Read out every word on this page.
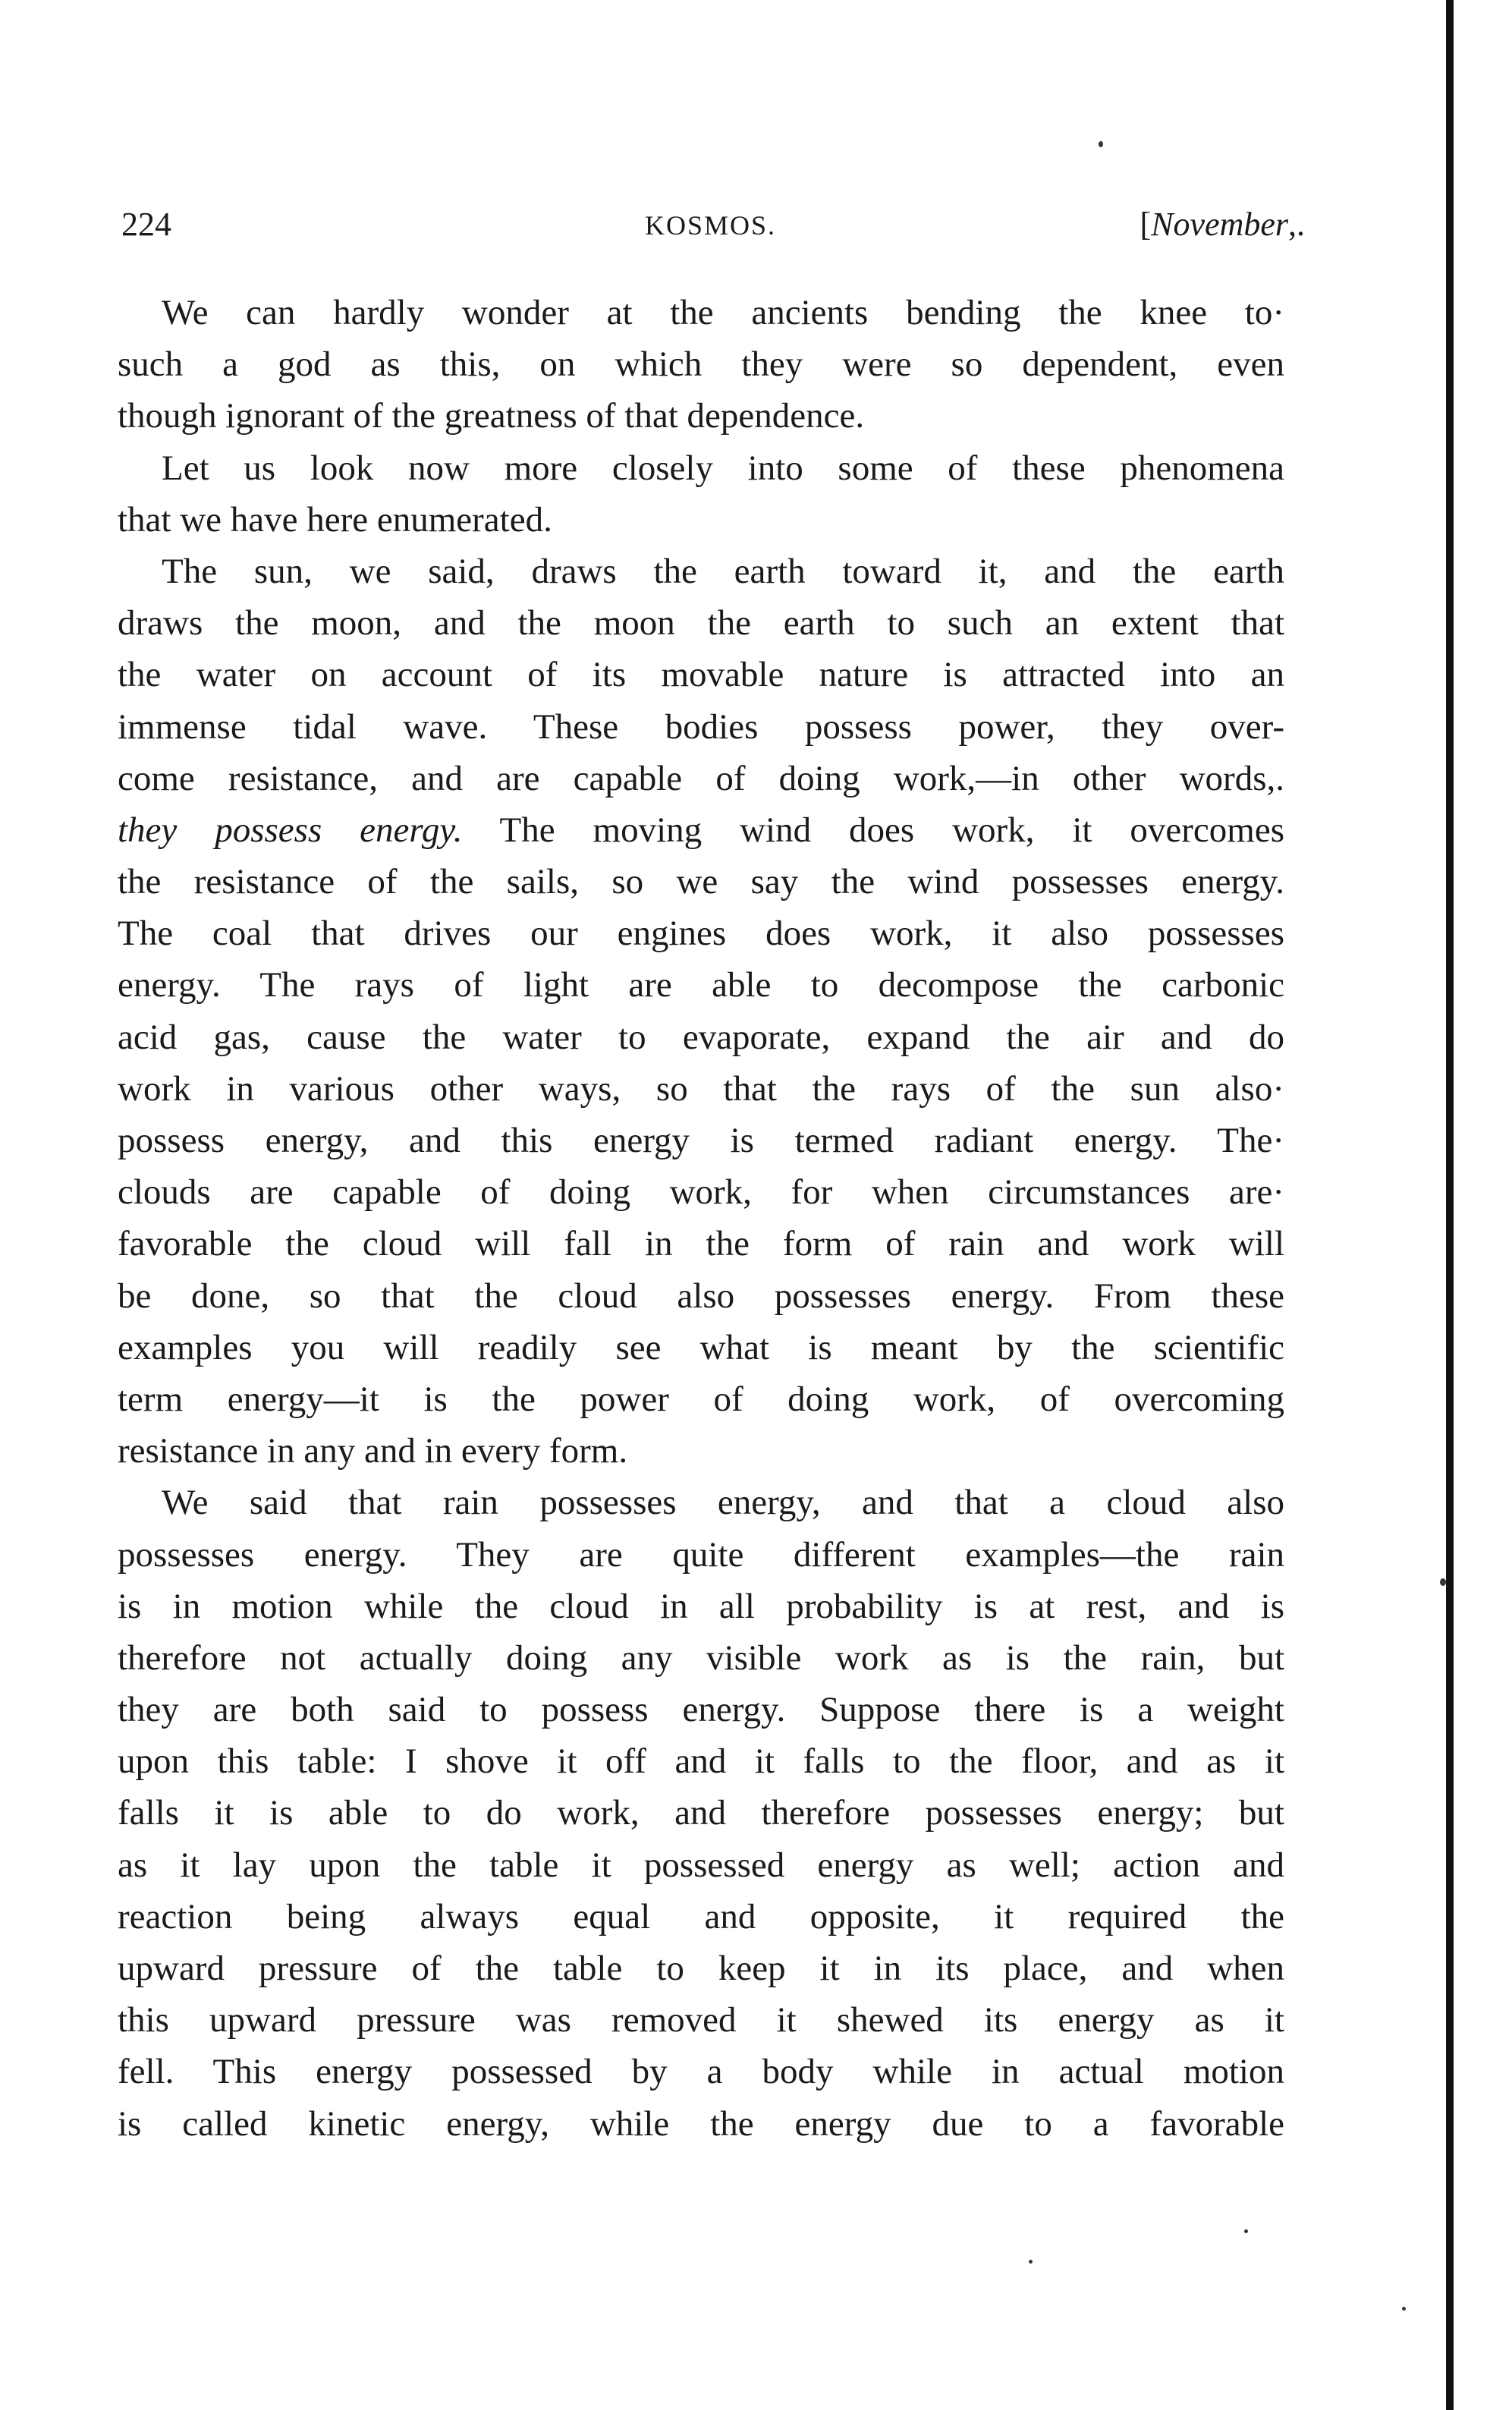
224	KOSMOS.	[November,.
We can hardly wonder at the ancients bending the knee to·
such a god as this, on which they were so dependent, even
though ignorant of the greatness of that dependence.
Let us look now more closely into some of these phenomena
that we have here enumerated.
The sun, we said, draws the earth toward it, and the earth
draws the moon, and the moon the earth to such an extent that
the water on account of its movable nature is attracted into an
immense tidal wave. These bodies possess power, they over-
come resistance, and are capable of doing work,—in other words,.
they possess energy. The moving wind does work, it overcomes
the resistance of the sails, so we say the wind possesses energy.
The coal that drives our engines does work, it also possesses
energy. The rays of light are able to decompose the carbonic
acid gas, cause the water to evaporate, expand the air and do
work in various other ways, so that the rays of the sun also·
possess energy, and this energy is termed radiant energy. The·
clouds are capable of doing work, for when circumstances are·
favorable the cloud will fall in the form of rain and work will
be done, so that the cloud also possesses energy. From these
examples you will readily see what is meant by the scientific
term energy—it is the power of doing work, of overcoming
resistance in any and in every form.
We said that rain possesses energy, and that a cloud also
possesses energy. They are quite different examples—the rain
is in motion while the cloud in all probability is at rest, and is
therefore not actually doing any visible work as is the rain, but
they are both said to possess energy. Suppose there is a weight
upon this table: I shove it off and it falls to the floor, and as it
falls it is able to do work, and therefore possesses energy; but
as it lay upon the table it possessed energy as well; action and
reaction being always equal and opposite, it required the
upward pressure of the table to keep it in its place, and when
this upward pressure was removed it shewed its energy as it
fell. This energy possessed by a body while in actual motion
is called kinetic energy, while the energy due to a favorable
